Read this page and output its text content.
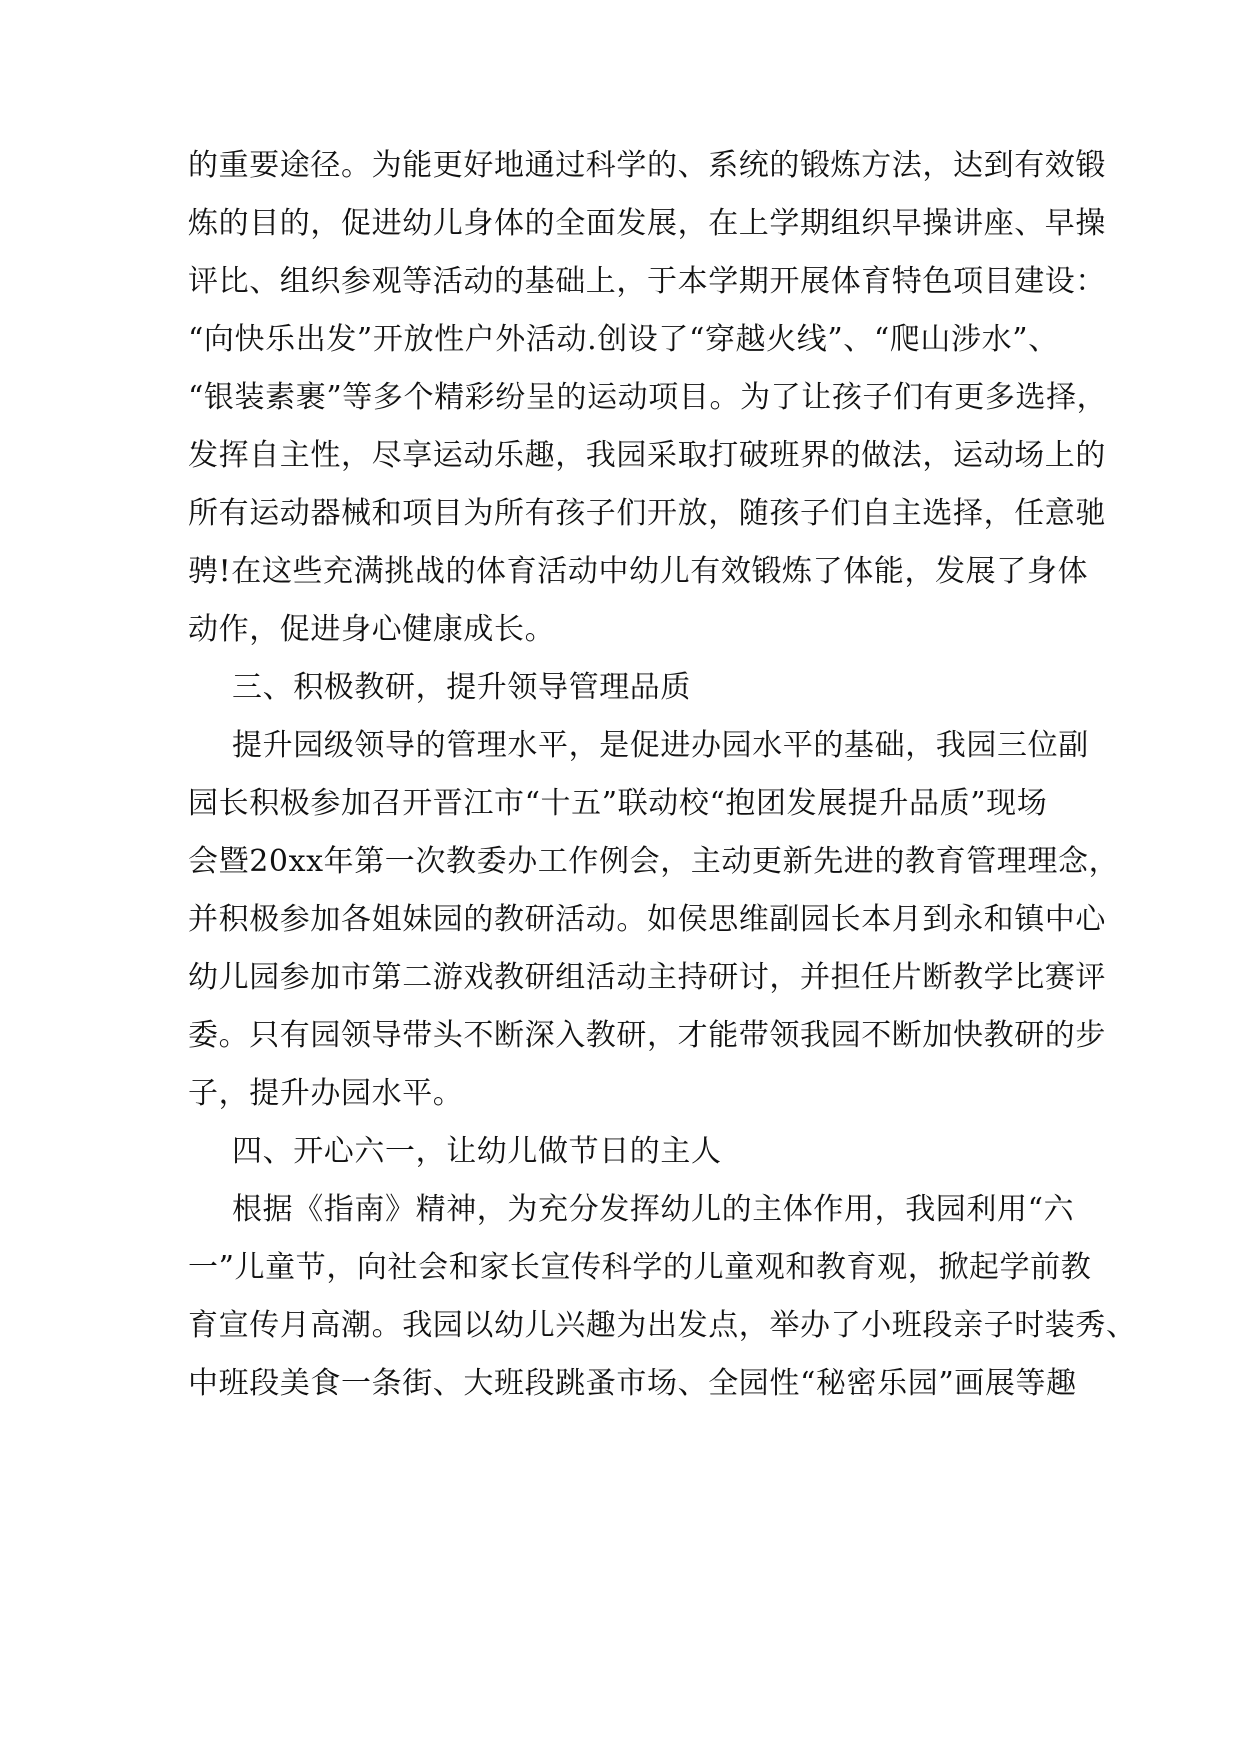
的重要途径。为能更好地通过科学的、系统的锻炼方法，达到有效锻
炼的目的，促进幼儿身体的全面发展，在上学期组织早操讲座、早操
评比、组织参观等活动的基础上，于本学期开展体育特色项目建设：
“向快乐出发”开放性户外活动.创设了“穿越火线”、“爬山涉水”、
“银装素裹”等多个精彩纷呈的运动项目。为了让孩子们有更多选择，
发挥自主性，尽享运动乐趣，我园采取打破班界的做法，运动场上的
所有运动器械和项目为所有孩子们开放，随孩子们自主选择，任意驰
骋!在这些充满挑战的体育活动中幼儿有效锻炼了体能，发展了身体
动作，促进身心健康成长。
三、积极教研，提升领导管理品质
提升园级领导的管理水平，是促进办园水平的基础，我园三位副
园长积极参加召开晋江市“十五”联动校“抱团发展提升品质”现场
会暨20xx年第一次教委办工作例会，主动更新先进的教育管理理念，
并积极参加各姐妹园的教研活动。如侯思维副园长本月到永和镇中心
幼儿园参加市第二游戏教研组活动主持研讨，并担任片断教学比赛评
委。只有园领导带头不断深入教研，才能带领我园不断加快教研的步
子，提升办园水平。
四、开心六一，让幼儿做节日的主人
根据《指南》精神，为充分发挥幼儿的主体作用，我园利用“六
一”儿童节，向社会和家长宣传科学的儿童观和教育观，掀起学前教
育宣传月高潮。我园以幼儿兴趣为出发点，举办了小班段亲子时装秀、
中班段美食一条街、大班段跳蚤市场、全园性“秘密乐园”画展等趣
